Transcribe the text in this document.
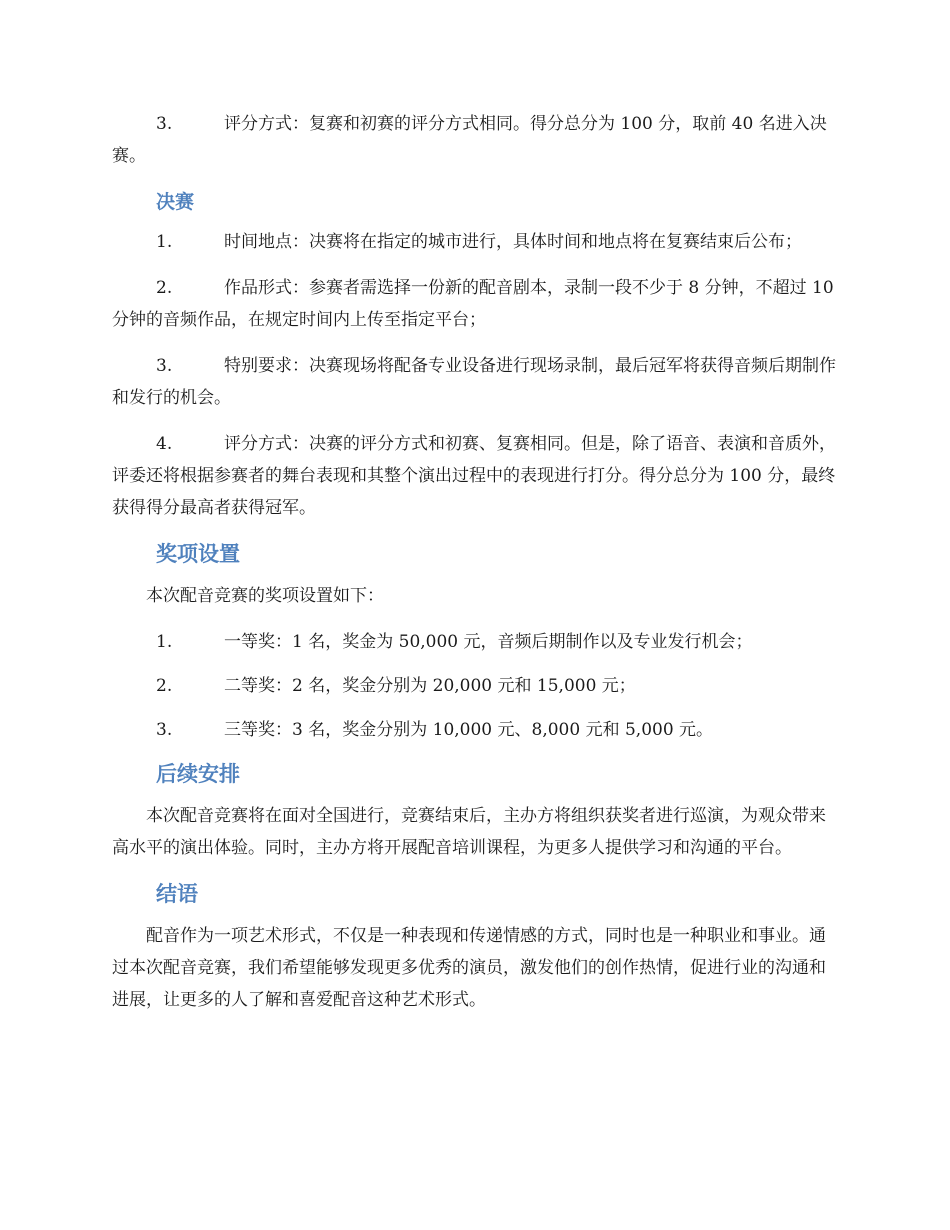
3.	评分方式：复赛和初赛的评分方式相同。得分总分为 100 分，取前 40 名进入决赛。

决赛

1.	时间地点：决赛将在指定的城市进行，具体时间和地点将在复赛结束后公布；

2.	作品形式：参赛者需选择一份新的配音剧本，录制一段不少于 8 分钟，不超过 10 分钟的音频作品，在规定时间内上传至指定平台；

3.	特别要求：决赛现场将配备专业设备进行现场录制，最后冠军将获得音频后期制作和发行的机会。

4.	评分方式：决赛的评分方式和初赛、复赛相同。但是，除了语音、表演和音质外，评委还将根据参赛者的舞台表现和其整个演出过程中的表现进行打分。得分总分为 100 分，最终获得得分最高者获得冠军。

奖项设置

本次配音竞赛的奖项设置如下：

1.	一等奖：1 名，奖金为 50,000 元，音频后期制作以及专业发行机会；

2.	二等奖：2 名，奖金分别为 20,000 元和 15,000 元；

3.	三等奖：3 名，奖金分别为 10,000 元、8,000 元和 5,000 元。

后续安排

本次配音竞赛将在面对全国进行，竞赛结束后，主办方将组织获奖者进行巡演，为观众带来高水平的演出体验。同时，主办方将开展配音培训课程，为更多人提供学习和沟通的平台。

结语

配音作为一项艺术形式，不仅是一种表现和传递情感的方式，同时也是一种职业和事业。通过本次配音竞赛，我们希望能够发现更多优秀的演员，激发他们的创作热情，促进行业的沟通和进展，让更多的人了解和喜爱配音这种艺术形式。
